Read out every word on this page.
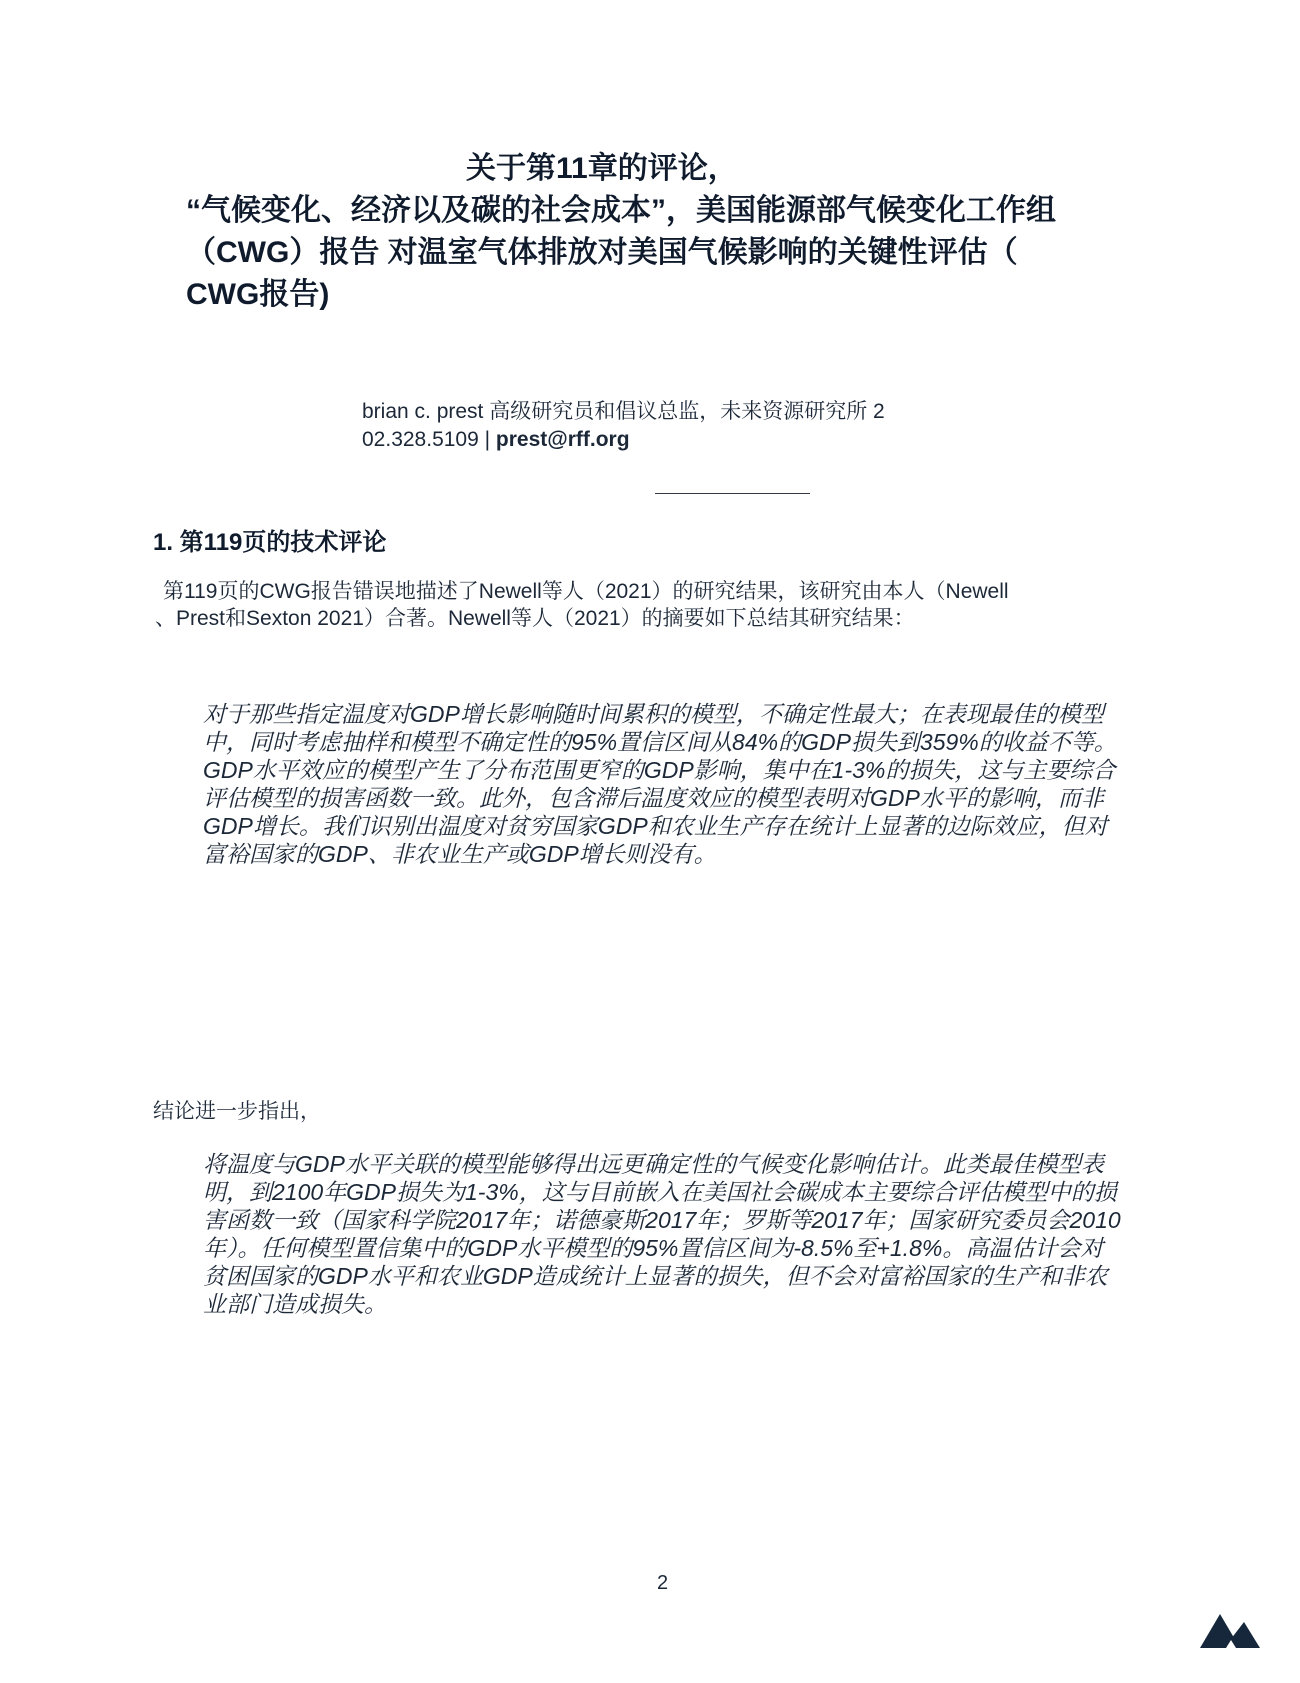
关于第11章的评论，
“气候变化、经济以及碳的社会成本”，美国能源部气候变化工作组
（CWG）报告 对温室气体排放对美国气候影响的关键性评估（
CWG报告)
brian c. prest 高级研究员和倡议总监，未来资源研究所 2
02.328.5109 | prest@rff.org
1. 第119页的技术评论
第119页的CWG报告错误地描述了Newell等人（2021）的研究结果，该研究由本人（Newell
、Prest和Sexton 2021）合著。Newell等人（2021）的摘要如下总结其研究结果：
对于那些指定温度对GDP增长影响随时间累积的模型，不确定性最大；在表现最佳的模型中，同时考虑抽样和模型不确定性的95%置信区间从84%的GDP损失到359%的收益不等。GDP水平效应的模型产生了分布范围更窄的GDP影响，集中在1-3%的损失，这与主要综合评估模型的损害函数一致。此外，包含滞后温度效应的模型表明对GDP水平的影响，而非GDP增长。我们识别出温度对贫穷国家GDP和农业生产存在统计上显著的边际效应，但对富裕国家的GDP、非农业生产或GDP增长则没有。
结论进一步指出，
将温度与GDP水平关联的模型能够得出远更确定性的气候变化影响估计。此类最佳模型表明，到2100年GDP损失为1-3%，这与目前嵌入在美国社会碳成本主要综合评估模型中的损害函数一致（国家科学院2017年；诺德豪斯2017年；罗斯等2017年；国家研究委员会2010年）。任何模型置信集中的GDP水平模型的95%置信区间为-8.5%至+1.8%。高温估计会对贫困国家的GDP水平和农业GDP造成统计上显著的损失，但不会对富裕国家的生产和非农业部门造成损失。
2
